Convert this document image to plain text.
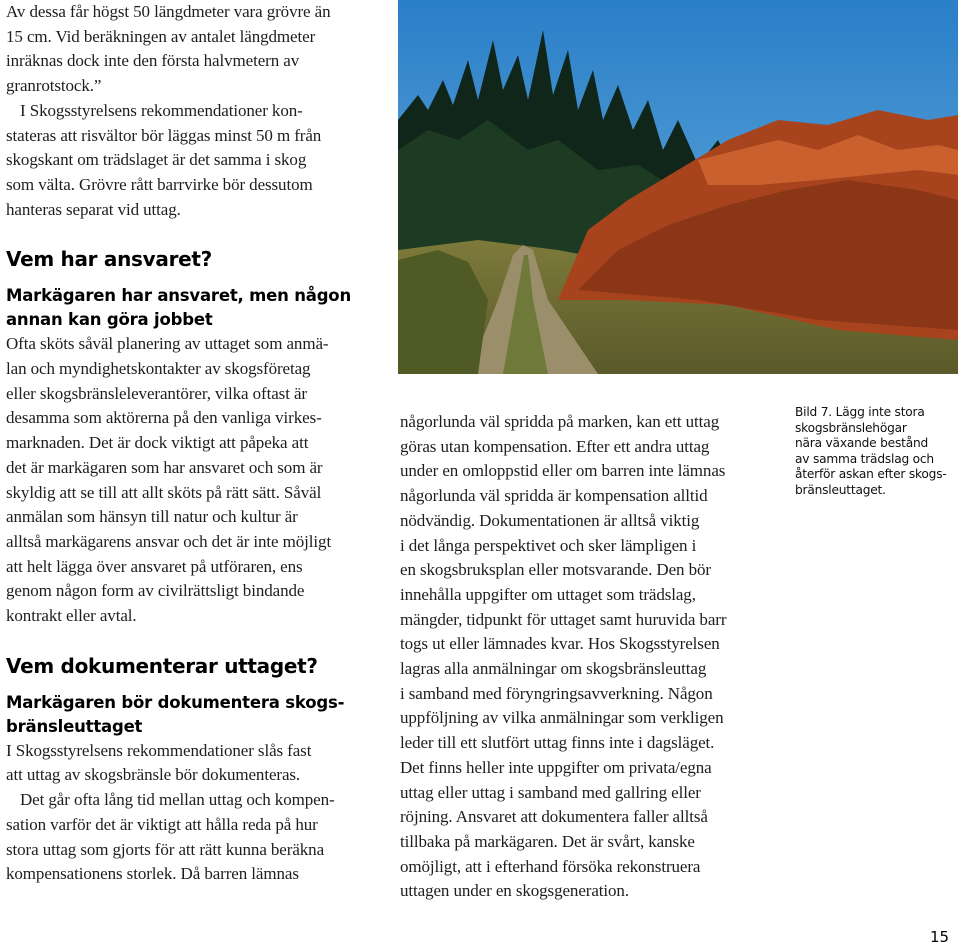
Av dessa får högst 50 längdmeter vara grövre än

15 cm. Vid beräkningen av antalet längdmeter

inräknas dock inte den första halvmetern av

granrotstock.”

I Skogsstyrelsens rekommendationer kon-

stateras att risvältor bör läggas minst 50 m från

skogskant om trädslaget är det samma i skog

som välta. Grövre rått barrvirke bör dessutom

hanteras separat vid uttag.

Vem har ansvaret?

Markägaren har ansvaret, men någon

annan kan göra jobbet

Ofta sköts såväl planering av uttaget som anmä-

lan och myndighetskontakter av skogsföretag

eller skogsbränsleleverantörer, vilka oftast är

desamma som aktörerna på den vanliga virkes-

marknaden. Det är dock viktigt att påpeka att

det är markägaren som har ansvaret och som är

skyldig att se till att allt sköts på rätt sätt. Såväl

anmälan som hänsyn till natur och kultur är

alltså markägarens ansvar och det är inte möjligt

att helt lägga över ansvaret på utföraren, ens

genom någon form av civilrättsligt bindande

kontrakt eller avtal.

Vem dokumenterar uttaget?

Markägaren bör dokumentera skogs-

bränsleuttaget

I Skogsstyrelsens rekommendationer slås fast

att uttag av skogsbränsle bör dokumenteras.

Det går ofta lång tid mellan uttag och kompen-

sation varför det är viktigt att hålla reda på hur

stora uttag som gjorts för att rätt kunna beräkna

kompensationens storlek. Då barren lämnas

någorlunda väl spridda på marken, kan ett uttag

göras utan kompensation. Efter ett andra uttag

under en omloppstid eller om barren inte lämnas

någorlunda väl spridda är kompensation alltid

nödvändig. Dokumentationen är alltså viktig

i det långa perspektivet och sker lämpligen i

en skogsbruksplan eller motsvarande. Den bör

innehålla uppgifter om uttaget som trädslag,

mängder, tidpunkt för uttaget samt huruvida barr

togs ut eller lämnades kvar. Hos Skogsstyrelsen

lagras alla anmälningar om skogsbränsleuttag

i samband med föryngringsavverkning. Någon

uppföljning av vilka anmälningar som verkligen

leder till ett slutfört uttag finns inte i dagsläget.

Det finns heller inte uppgifter om privata/egna

uttag eller uttag i samband med gallring eller

röjning. Ansvaret att dokumentera faller alltså

tillbaka på markägaren. Det är svårt, kanske

omöjligt, att i efterhand försöka rekonstruera

uttagen under en skogsgeneration.

Bild 7. Lägg inte stora

skogsbränslehögar

nära växande bestånd

av samma trädslag och

återför askan efter skogs-

bränsleuttaget.

15
